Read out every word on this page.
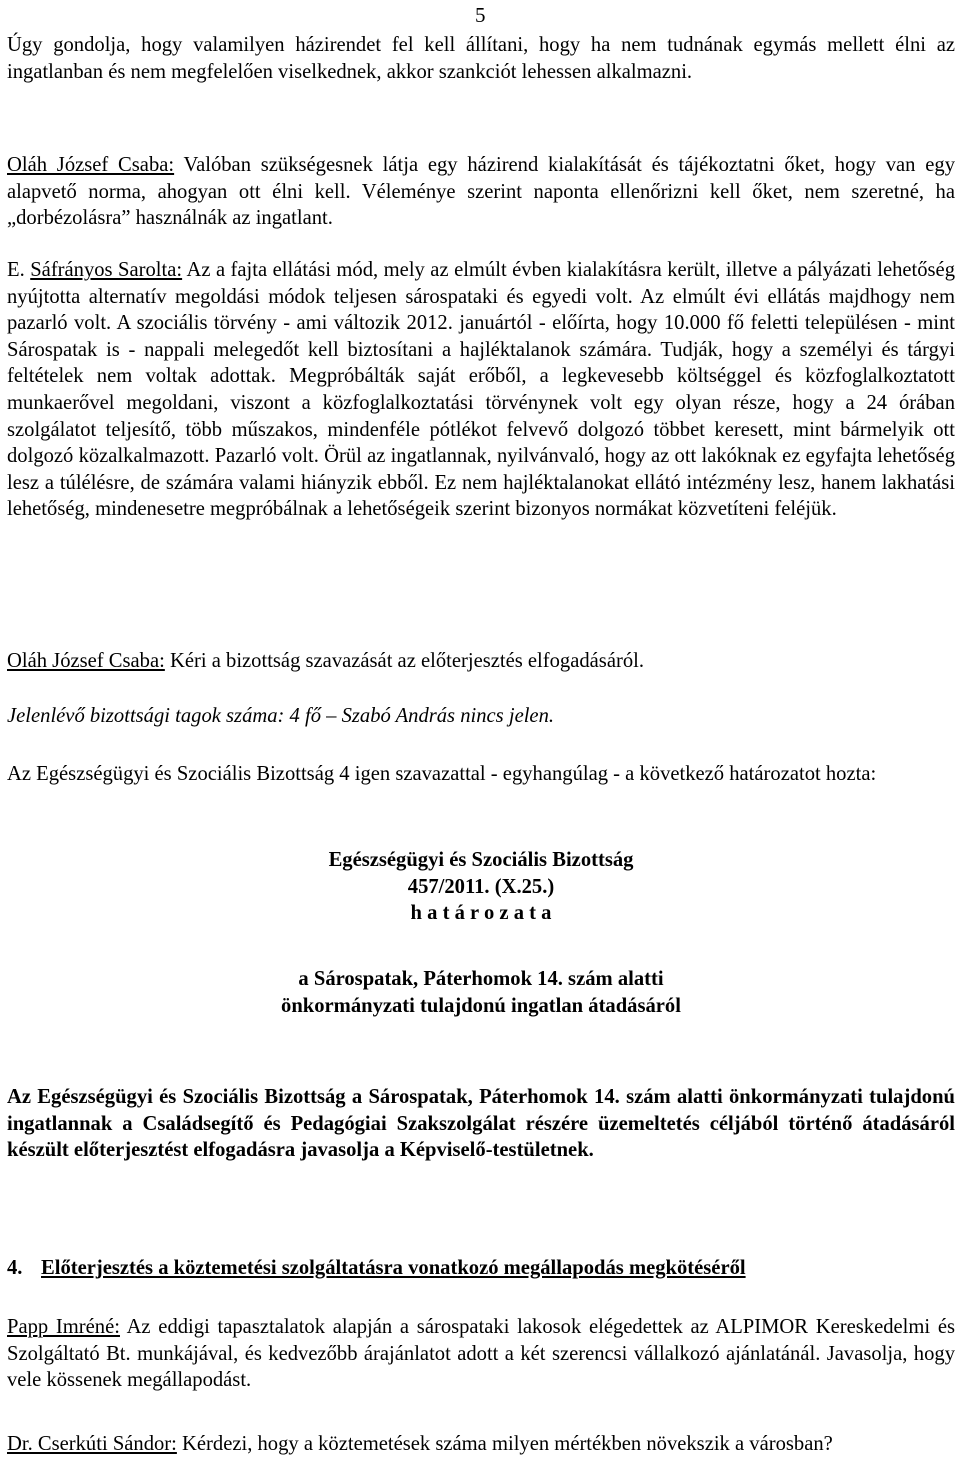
5

Úgy gondolja, hogy valamilyen házirendet fel kell állítani, hogy ha nem tudnának egymás mellett élni az ingatlanban és nem megfelelően viselkednek, akkor szankciót lehessen alkalmazni.

Oláh József Csaba: Valóban szükségesnek látja egy házirend kialakítását és tájékoztatni őket, hogy van egy alapvető norma, ahogyan ott élni kell. Véleménye szerint naponta ellenőrizni kell őket, nem szeretné, ha „dorbézolásra” használnák az ingatlant.

E. Sáfrányos Sarolta: Az a fajta ellátási mód, mely az elmúlt évben kialakításra került, illetve a pályázati lehetőség nyújtotta alternatív megoldási módok teljesen sárospataki és egyedi volt. Az elmúlt évi ellátás majdhogy nem pazarló volt. A szociális törvény - ami változik 2012. januártól - előírta, hogy 10.000 fő feletti településen - mint Sárospatak is - nappali melegedőt kell biztosítani a hajléktalanok számára. Tudják, hogy a személyi és tárgyi feltételek nem voltak adottak. Megpróbálták saját erőből, a legkevesebb költséggel és közfoglalkoztatott munkaerővel megoldani, viszont a közfoglalkoztatási törvénynek volt egy olyan része, hogy a 24 órában szolgálatot teljesítő, több műszakos, mindenféle pótlékot felvevő dolgozó többet keresett, mint bármelyik ott dolgozó közalkalmazott. Pazarló volt. Örül az ingatlannak, nyilvánvaló, hogy az ott lakóknak ez egyfajta lehetőség lesz a túlélésre, de számára valami hiányzik ebből. Ez nem hajléktalanokat ellátó intézmény lesz, hanem lakhatási lehetőség, mindenesetre megpróbálnak a lehetőségeik szerint bizonyos normákat közvetíteni feléjük.

Oláh József Csaba: Kéri a bizottság szavazását az előterjesztés elfogadásáról.

Jelenlévő bizottsági tagok száma: 4 fő – Szabó András nincs jelen.

Az Egészségügyi és Szociális Bizottság 4 igen szavazattal - egyhangúlag - a következő határozatot hozta:

Egészségügyi és Szociális Bizottság
457/2011. (X.25.)
h a t á r o z a t a
a Sárospatak, Páterhomok 14. szám alatti
önkormányzati tulajdonú ingatlan átadásáról

Az Egészségügyi és Szociális Bizottság a Sárospatak, Páterhomok 14. szám alatti önkormányzati tulajdonú ingatlannak a Családsegítő és Pedagógiai Szakszolgálat részére üzemeltetés céljából történő átadásáról készült előterjesztést elfogadásra javasolja a Képviselő-testületnek.

4. Előterjesztés a köztemetési szolgáltatásra vonatkozó megállapodás megkötéséről

Papp Imréné: Az eddigi tapasztalatok alapján a sárospataki lakosok elégedettek az ALPIMOR Kereskedelmi és Szolgáltató Bt. munkájával, és kedvezőbb árajánlatot adott a két szerencsi vállalkozó ajánlatánál. Javasolja, hogy vele kössenek megállapodást.

Dr. Cserkúti Sándor: Kérdezi, hogy a köztemetések száma milyen mértékben növekszik a városban?
